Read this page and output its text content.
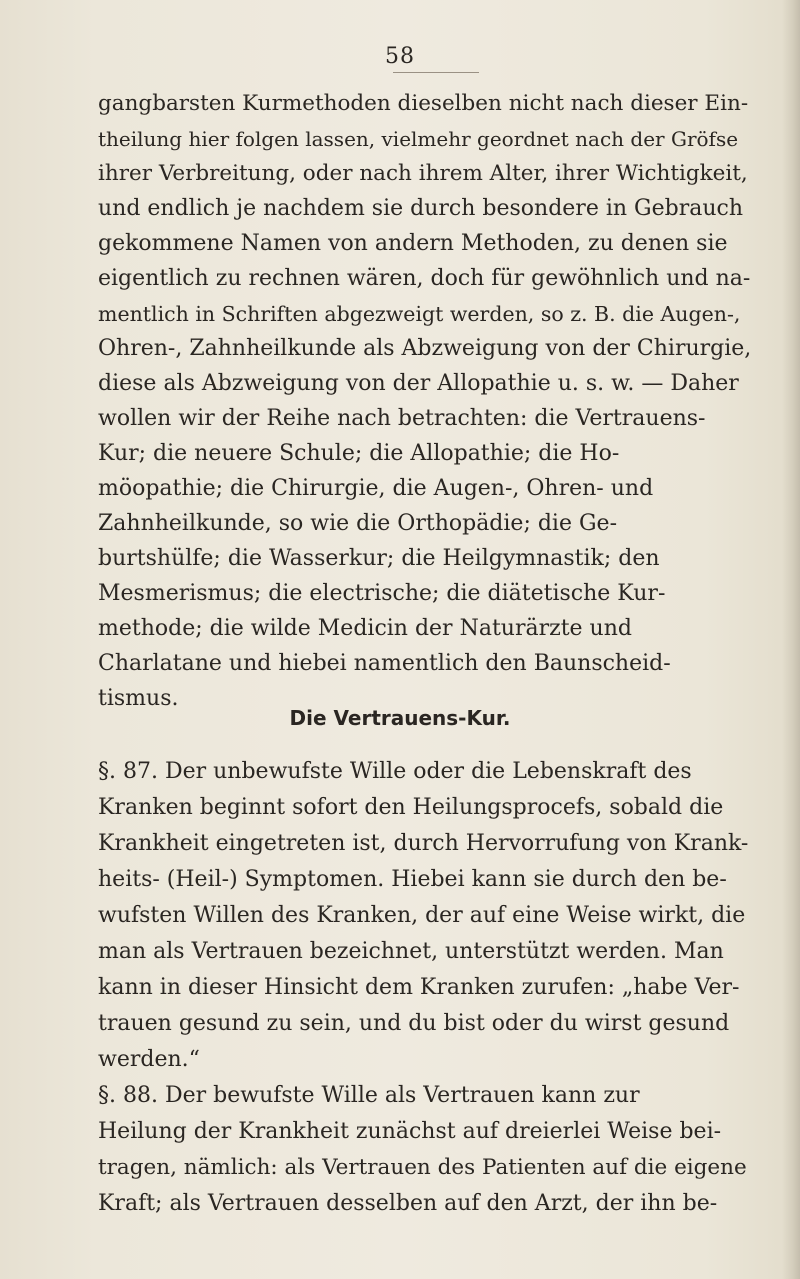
58
gangbarsten Kurmethoden dieselben nicht nach dieser Ein-
theilung hier folgen lassen, vielmehr geordnet nach der Gröfse
ihrer Verbreitung, oder nach ihrem Alter, ihrer Wichtigkeit,
und endlich je nachdem sie durch besondere in Gebrauch
gekommene Namen von andern Methoden, zu denen sie
eigentlich zu rechnen wären, doch für gewöhnlich und na-
mentlich in Schriften abgezweigt werden, so z. B. die Augen-,
Ohren-, Zahnheilkunde als Abzweigung von der Chirurgie,
diese als Abzweigung von der Allopathie u. s. w. — Daher
wollen wir der Reihe nach betrachten: die Vertrauens-
Kur; die neuere Schule; die Allopathie; die Ho-
möopathie; die Chirurgie, die Augen-, Ohren- und
Zahnheilkunde, so wie die Orthopädie; die Ge-
burtshülfe; die Wasserkur; die Heilgymnastik; den
Mesmerismus; die electrische; die diätetische Kur-
methode; die wilde Medicin der Naturärzte und
Charlatane und hiebei namentlich den Baunscheid-
tismus.
Die Vertrauens-Kur.
§. 87. Der unbewufste Wille oder die Lebenskraft des
Kranken beginnt sofort den Heilungsprocefs, sobald die
Krankheit eingetreten ist, durch Hervorrufung von Krank-
heits- (Heil-) Symptomen. Hiebei kann sie durch den be-
wufsten Willen des Kranken, der auf eine Weise wirkt, die
man als Vertrauen bezeichnet, unterstützt werden. Man
kann in dieser Hinsicht dem Kranken zurufen: „habe Ver-
trauen gesund zu sein, und du bist oder du wirst gesund
werden.“
§. 88. Der bewufste Wille als Vertrauen kann zur
Heilung der Krankheit zunächst auf dreierlei Weise bei-
tragen, nämlich: als Vertrauen des Patienten auf die eigene
Kraft; als Vertrauen desselben auf den Arzt, der ihn be-
